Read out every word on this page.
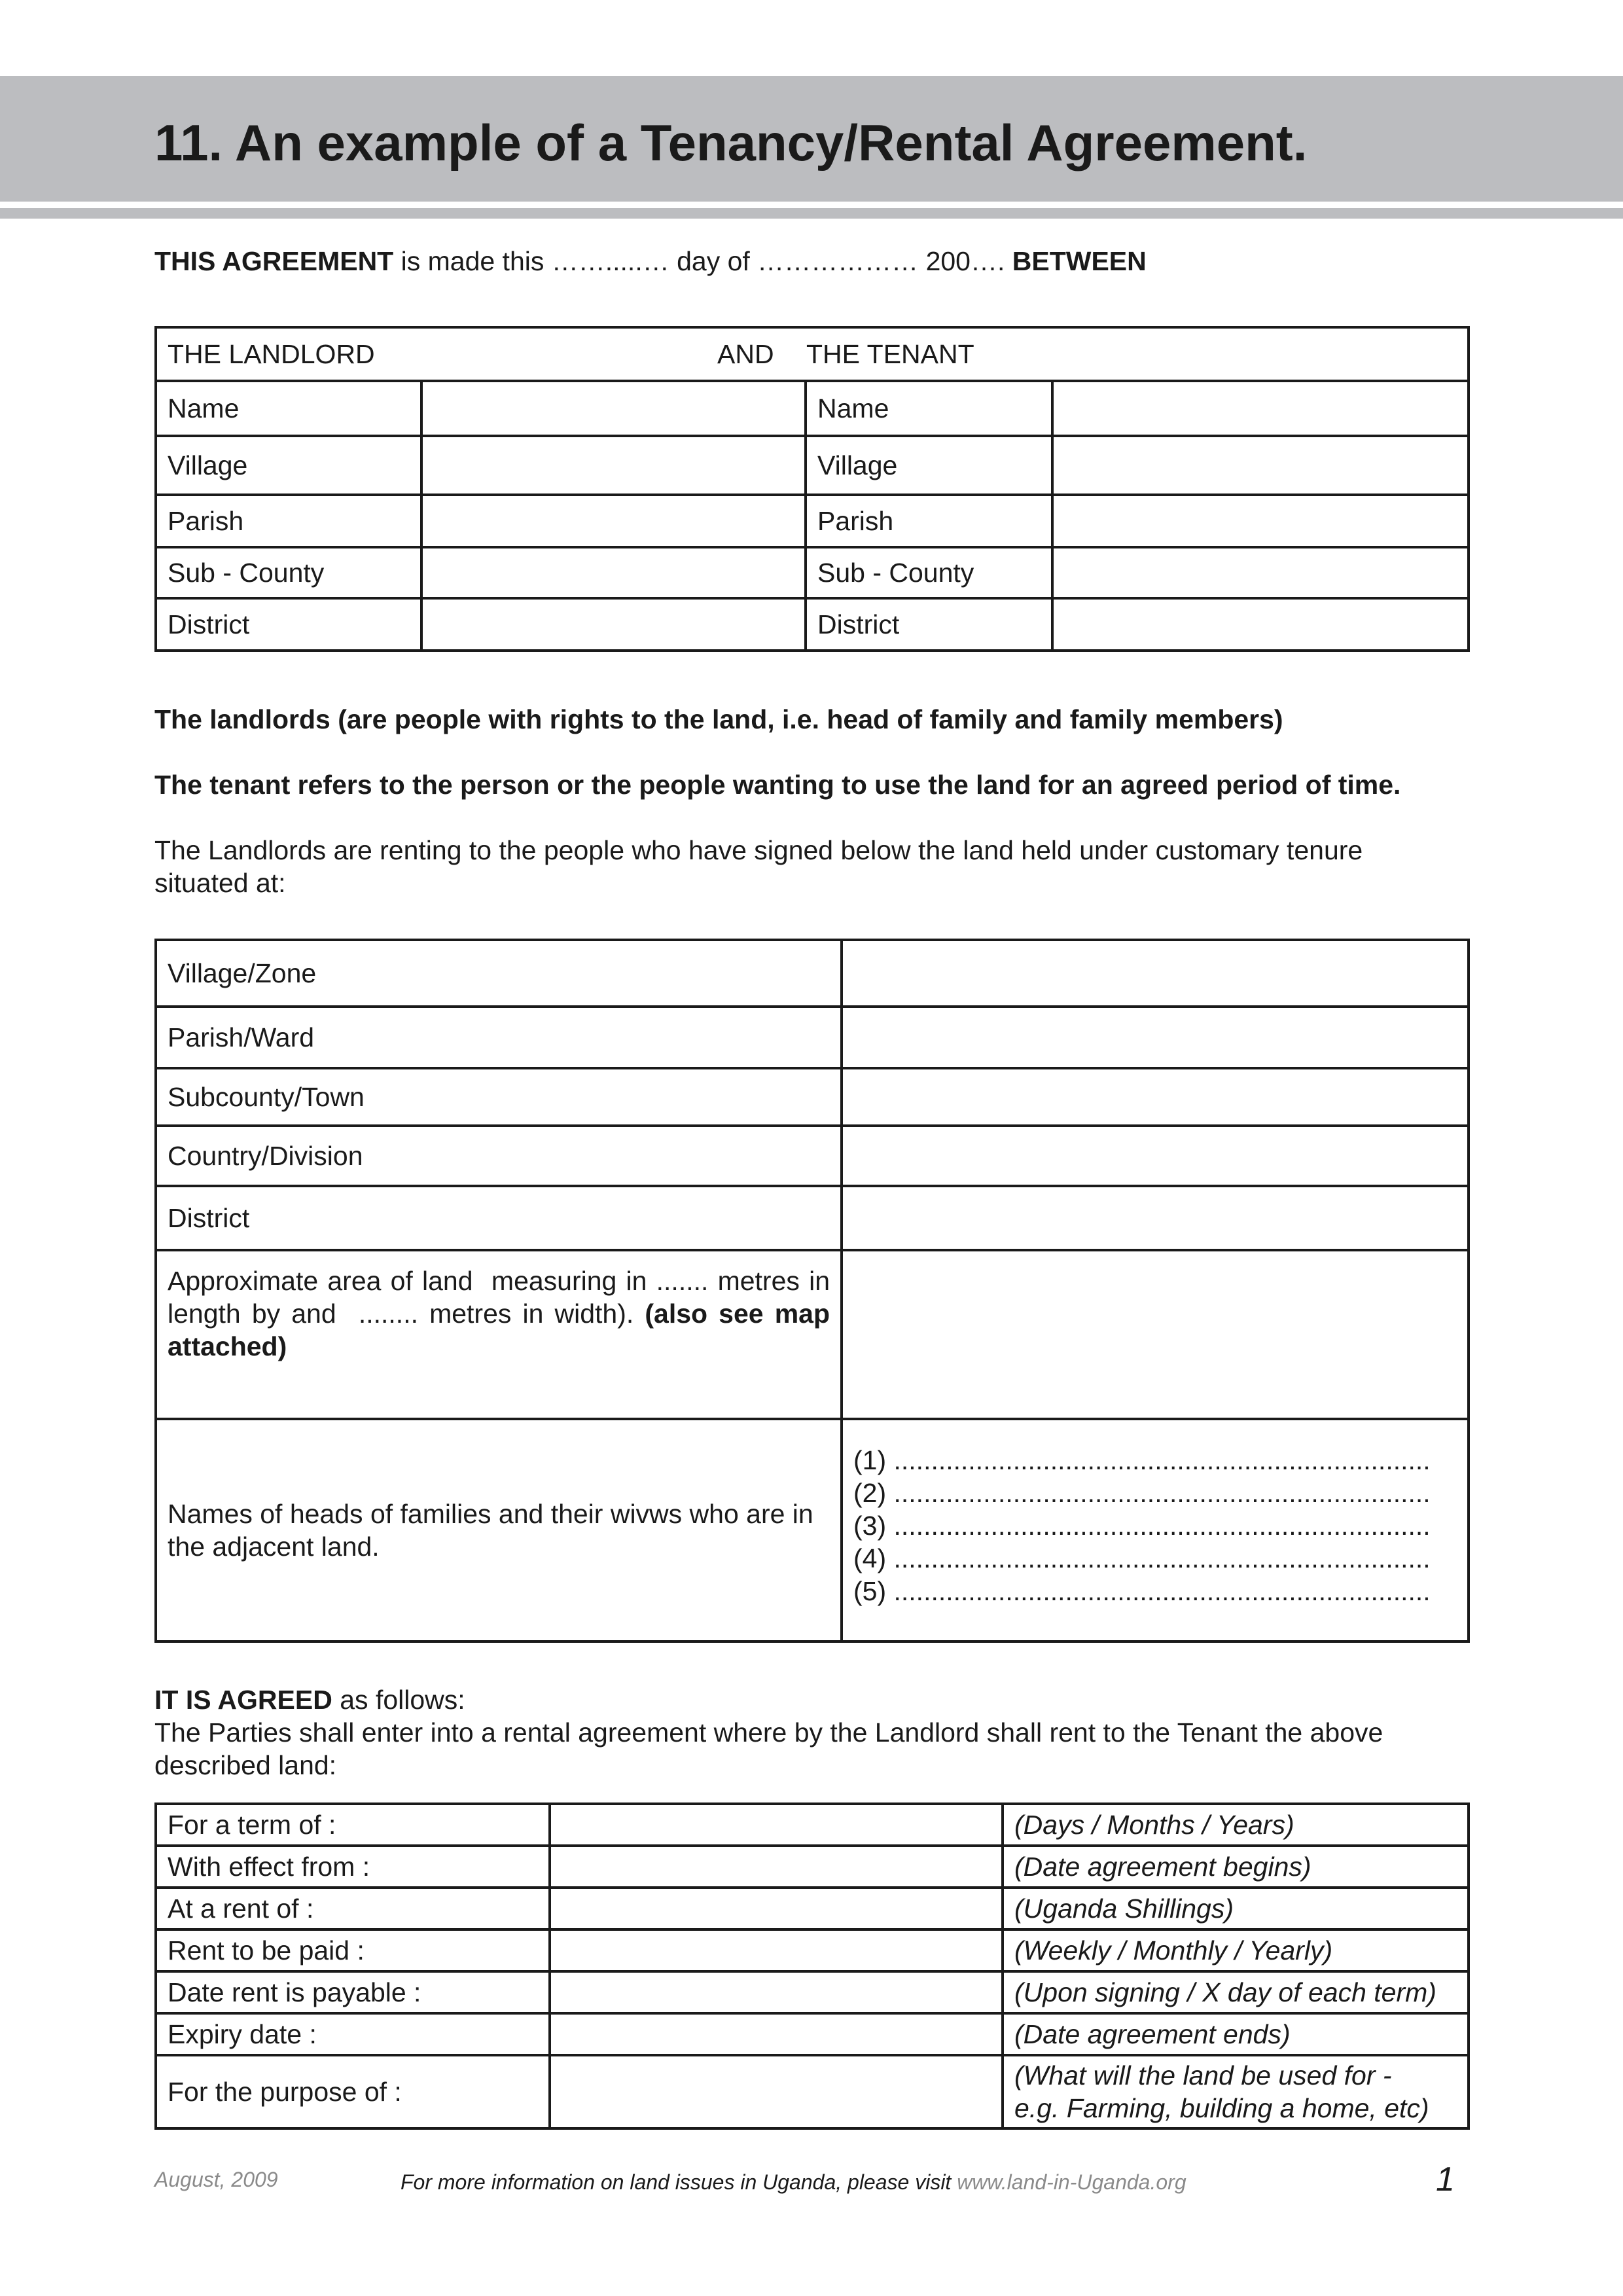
11. An example of a Tenancy/Rental Agreement.

THIS AGREEMENT is made this …….....… day of ……………… 200…. BETWEEN

THE LANDLORD AND THE TENANT			

Name		Name	
Village		Village	
Parish		Parish	
Sub - County		Sub - County	
District		District	

The landlords (are people with rights to the land, i.e. head of family and family members)

The tenant refers to the person or the people wanting to use the land for an agreed period of time.

The Landlords are renting to the people who have signed below the land held under customary tenure

situated at:

Village/Zone	
Parish/Ward	
Subcounty/Town	
Country/Division	
District	
Approximate area of land  measuring in ....... metres in length by and  ........ metres in width). (also see map attached)	
Names of heads of families and their wivws who are in the adjacent land.	(1) ........................................................................
(2) ........................................................................
(3) ........................................................................
(4) ........................................................................
(5) ........................................................................

IT IS AGREED as follows:

The Parties shall enter into a rental agreement where by the Landlord shall rent to the Tenant the above

described land:

For a term of :		(Days / Months / Years)
With effect from :		(Date agreement begins)
At a rent of :		(Uganda Shillings)
Rent to be paid :		(Weekly / Monthly / Yearly)
Date rent is payable :		(Upon signing / X day of each term)
Expiry date :		(Date agreement ends)
For the purpose of :		(What will the land be used for -
e.g. Farming, building a home, etc)
August, 2009	For more information on land issues in Uganda, please visit www.land-in-Uganda.org	1
